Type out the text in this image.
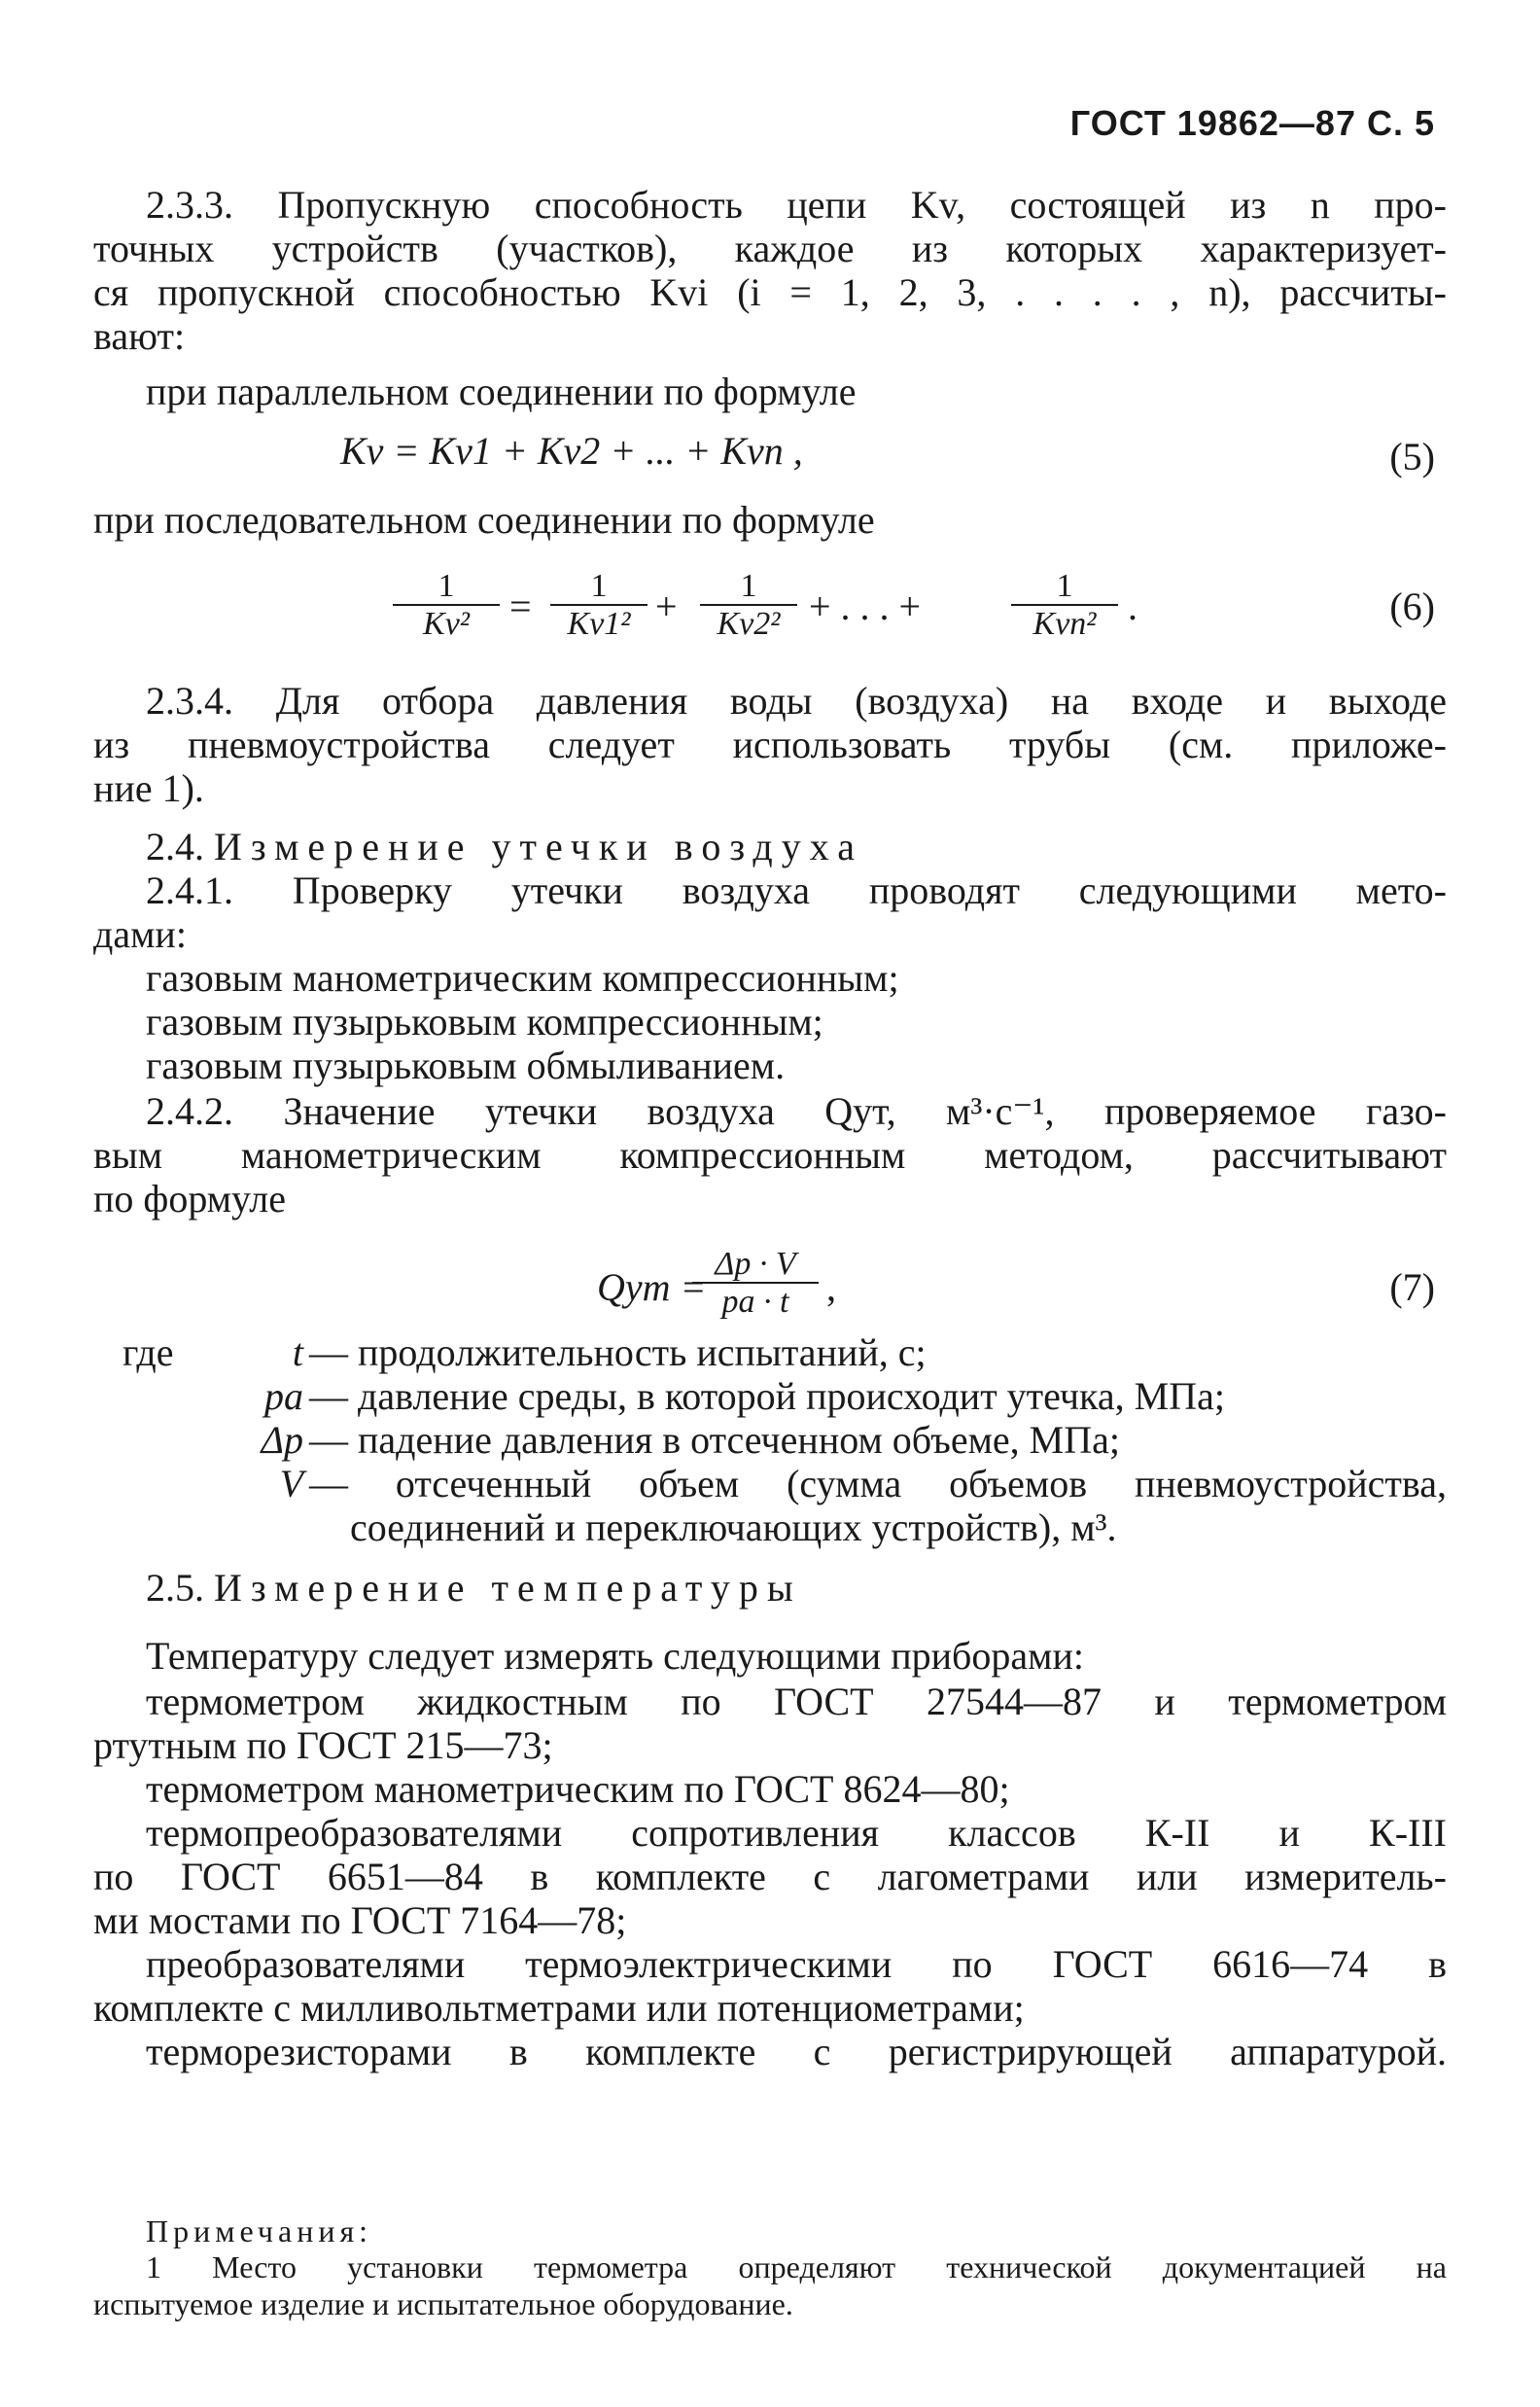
ГОСТ 19862—87 С. 5
2.3.3. Пропускную способность цепи Kv, состоящей из n про-
точных устройств (участков), каждое из которых характеризует-
ся пропускной способностью Kvi (i = 1, 2, 3, . . . . , n), рассчиты-
вают:
при параллельном соединении по формуле
Kv = Kv1 + Kv2 + ... + Kvn ,	(5)
при последовательном соединении по формуле
1
Kv²	=	1
Kv1² +	1
Kv2² + . . . +	1
Kvn² .	(6)
2.3.4. Для отбора давления воды (воздуха) на входе и выходе
из пневмоустройства следует использовать трубы (см. приложе-
ние 1).
2.4. Измерение утечки воздуха
2.4.1. Проверку утечки воздуха проводят следующими мето-
дами:
газовым манометрическим компрессионным;
газовым пузырьковым компрессионным;
газовым пузырьковым обмыливанием.
2.4.2. Значение утечки воздуха Qут, м³·с⁻¹, проверяемое газо-
вым манометрическим компрессионным методом, рассчитывают
по формуле
Qут =
Δp · V
pa · t ,	(7)
где	t — продолжительность испытаний, с;
pa — давление среды, в которой происходит утечка, МПа;
Δp — падение давления в отсеченном объеме, МПа;
V — отсеченный объем (сумма объемов пневмоустройства,
соединений и переключающих устройств), м³.
2.5. Измерение температуры
Температуру следует измерять следующими приборами:
термометром жидкостным по ГОСТ 27544—87 и термометром
ртутным по ГОСТ 215—73;
термометром манометрическим по ГОСТ 8624—80;
термопреобразователями сопротивления классов К-II и К-III
по ГОСТ 6651—84 в комплекте с лагометрами или измеритель-
ми мостами по ГОСТ 7164—78;
преобразователями термоэлектрическими по ГОСТ 6616—74 в
комплекте с милливольтметрами или потенциометрами;
терморезисторами в комплекте с регистрирующей аппаратурой.
Примечания:
1 Место установки термометра определяют технической документацией на
испытуемое изделие и испытательное оборудование.
